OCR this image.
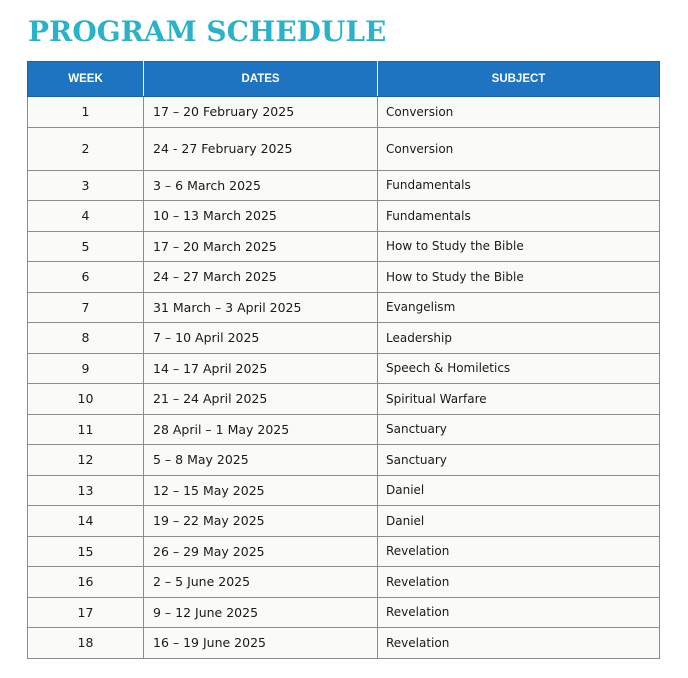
PROGRAM SCHEDULE
WEEK	DATES	SUBJECT
1	17 – 20 February 2025	Conversion
2	24 - 27 February 2025	Conversion
3	3 – 6 March 2025	Fundamentals
4	10 – 13 March 2025	Fundamentals
5	17 – 20 March 2025	How to Study the Bible
6	24 – 27 March 2025	How to Study the Bible
7	31 March – 3 April 2025	Evangelism
8	7 – 10 April 2025	Leadership
9	14 – 17 April 2025	Speech & Homiletics
10	21 – 24 April 2025	Spiritual Warfare
11	28 April – 1 May 2025	Sanctuary
12	5 – 8 May 2025	Sanctuary
13	12 – 15 May 2025	Daniel
14	19 – 22 May 2025	Daniel
15	26 – 29 May 2025	Revelation
16	2 – 5 June 2025	Revelation
17	9 – 12 June 2025	Revelation
18	16 – 19 June 2025	Revelation
